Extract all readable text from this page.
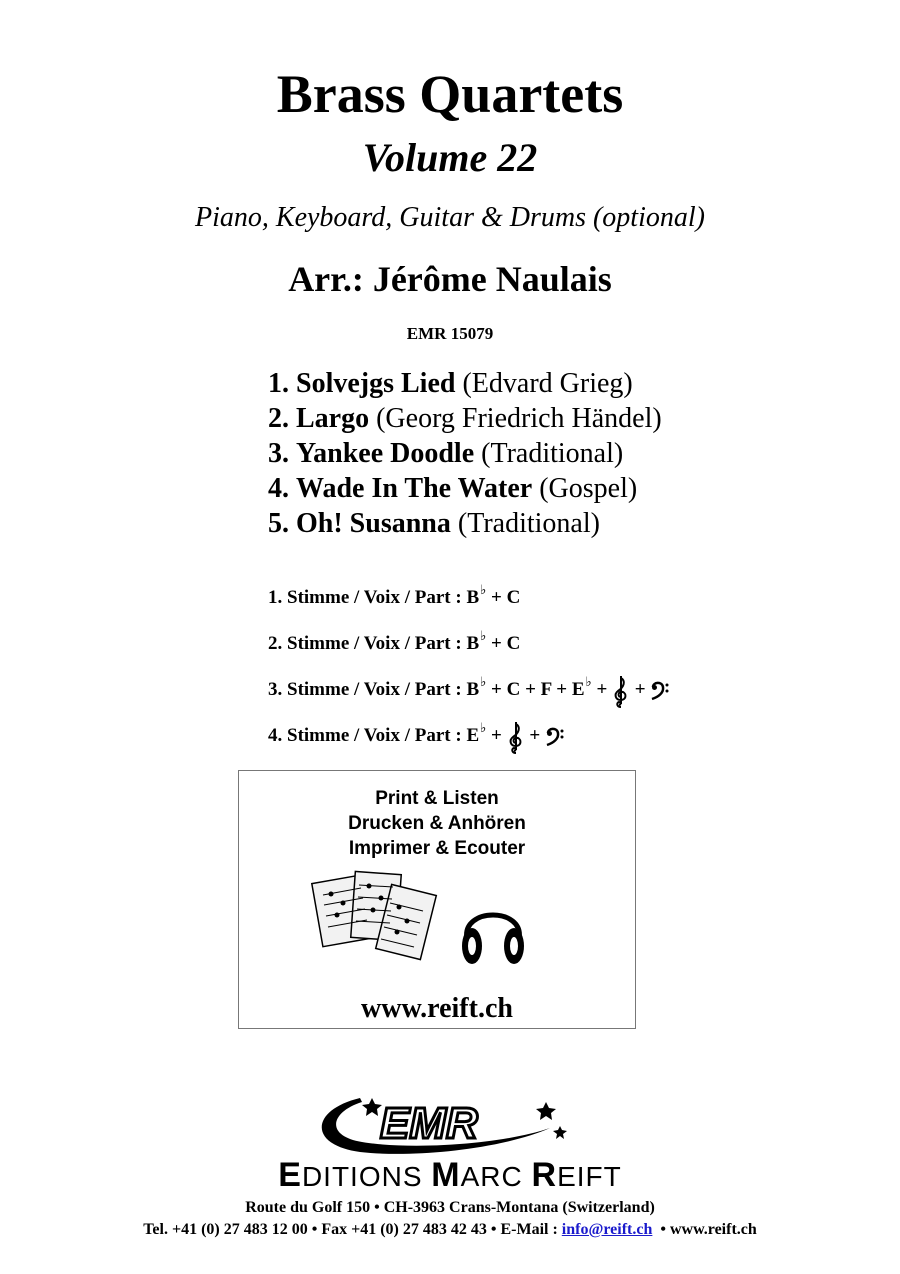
Brass Quartets
Volume 22
Piano, Keyboard, Guitar & Drums (optional)
Arr.: Jérôme Naulais
EMR 15079
1. Solvejgs Lied (Edvard Grieg)
2. Largo (Georg Friedrich Händel)
3. Yankee Doodle (Traditional)
4. Wade In The Water (Gospel)
5. Oh! Susanna (Traditional)
1. Stimme / Voix / Part : B♭ + C
2. Stimme / Voix / Part : B♭ + C
3. Stimme / Voix / Part : B♭ + C + F + E♭ + +
4. Stimme / Voix / Part : E♭ + +
Print & Listen
Drucken & Anhören
Imprimer & Ecouter
www.reift.ch
EMR
EDITIONS MARC REIFT
Route du Golf 150 • CH-3963 Crans-Montana (Switzerland)
Tel. +41 (0) 27 483 12 00 • Fax +41 (0) 27 483 42 43 • E-Mail : info@reift.ch • www.reift.ch
